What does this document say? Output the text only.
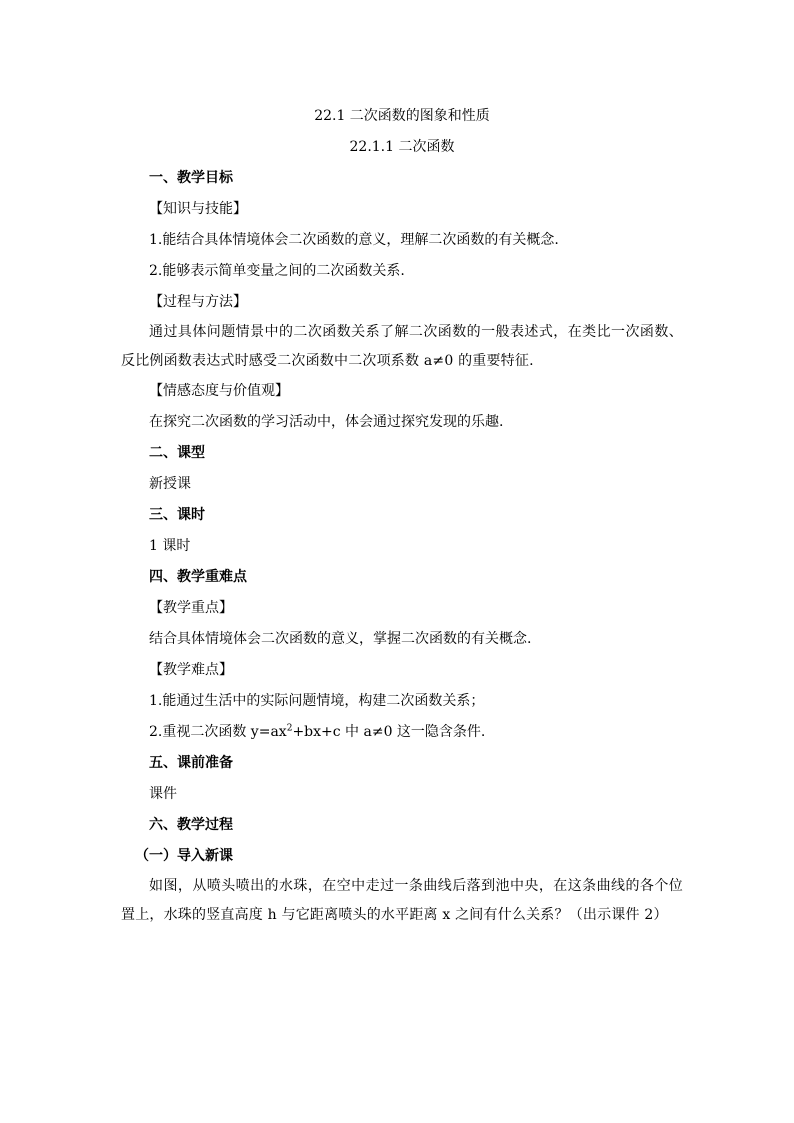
22.1 二次函数的图象和性质
22.1.1 二次函数
一、教学目标
【知识与技能】
1.能结合具体情境体会二次函数的意义，理解二次函数的有关概念.
2.能够表示简单变量之间的二次函数关系.
【过程与方法】
通过具体问题情景中的二次函数关系了解二次函数的一般表述式，在类比一次函数、反比例函数表达式时感受二次函数中二次项系数 a≠0 的重要特征.
【情感态度与价值观】
在探究二次函数的学习活动中，体会通过探究发现的乐趣.
二、课型
新授课
三、课时
1 课时
四、教学重难点
【教学重点】
结合具体情境体会二次函数的意义，掌握二次函数的有关概念.
【教学难点】
1.能通过生活中的实际问题情境，构建二次函数关系；
2.重视二次函数 $y=ax^2+bx+c$ 中 a≠0 这一隐含条件.
五、课前准备
课件
六、教学过程
（一）导入新课
如图，从喷头喷出的水珠，在空中走过一条曲线后落到池中央，在这条曲线的各个位置上，水珠的竖直高度 h 与它距离喷头的水平距离 x 之间有什么关系？（出示课件 2）
